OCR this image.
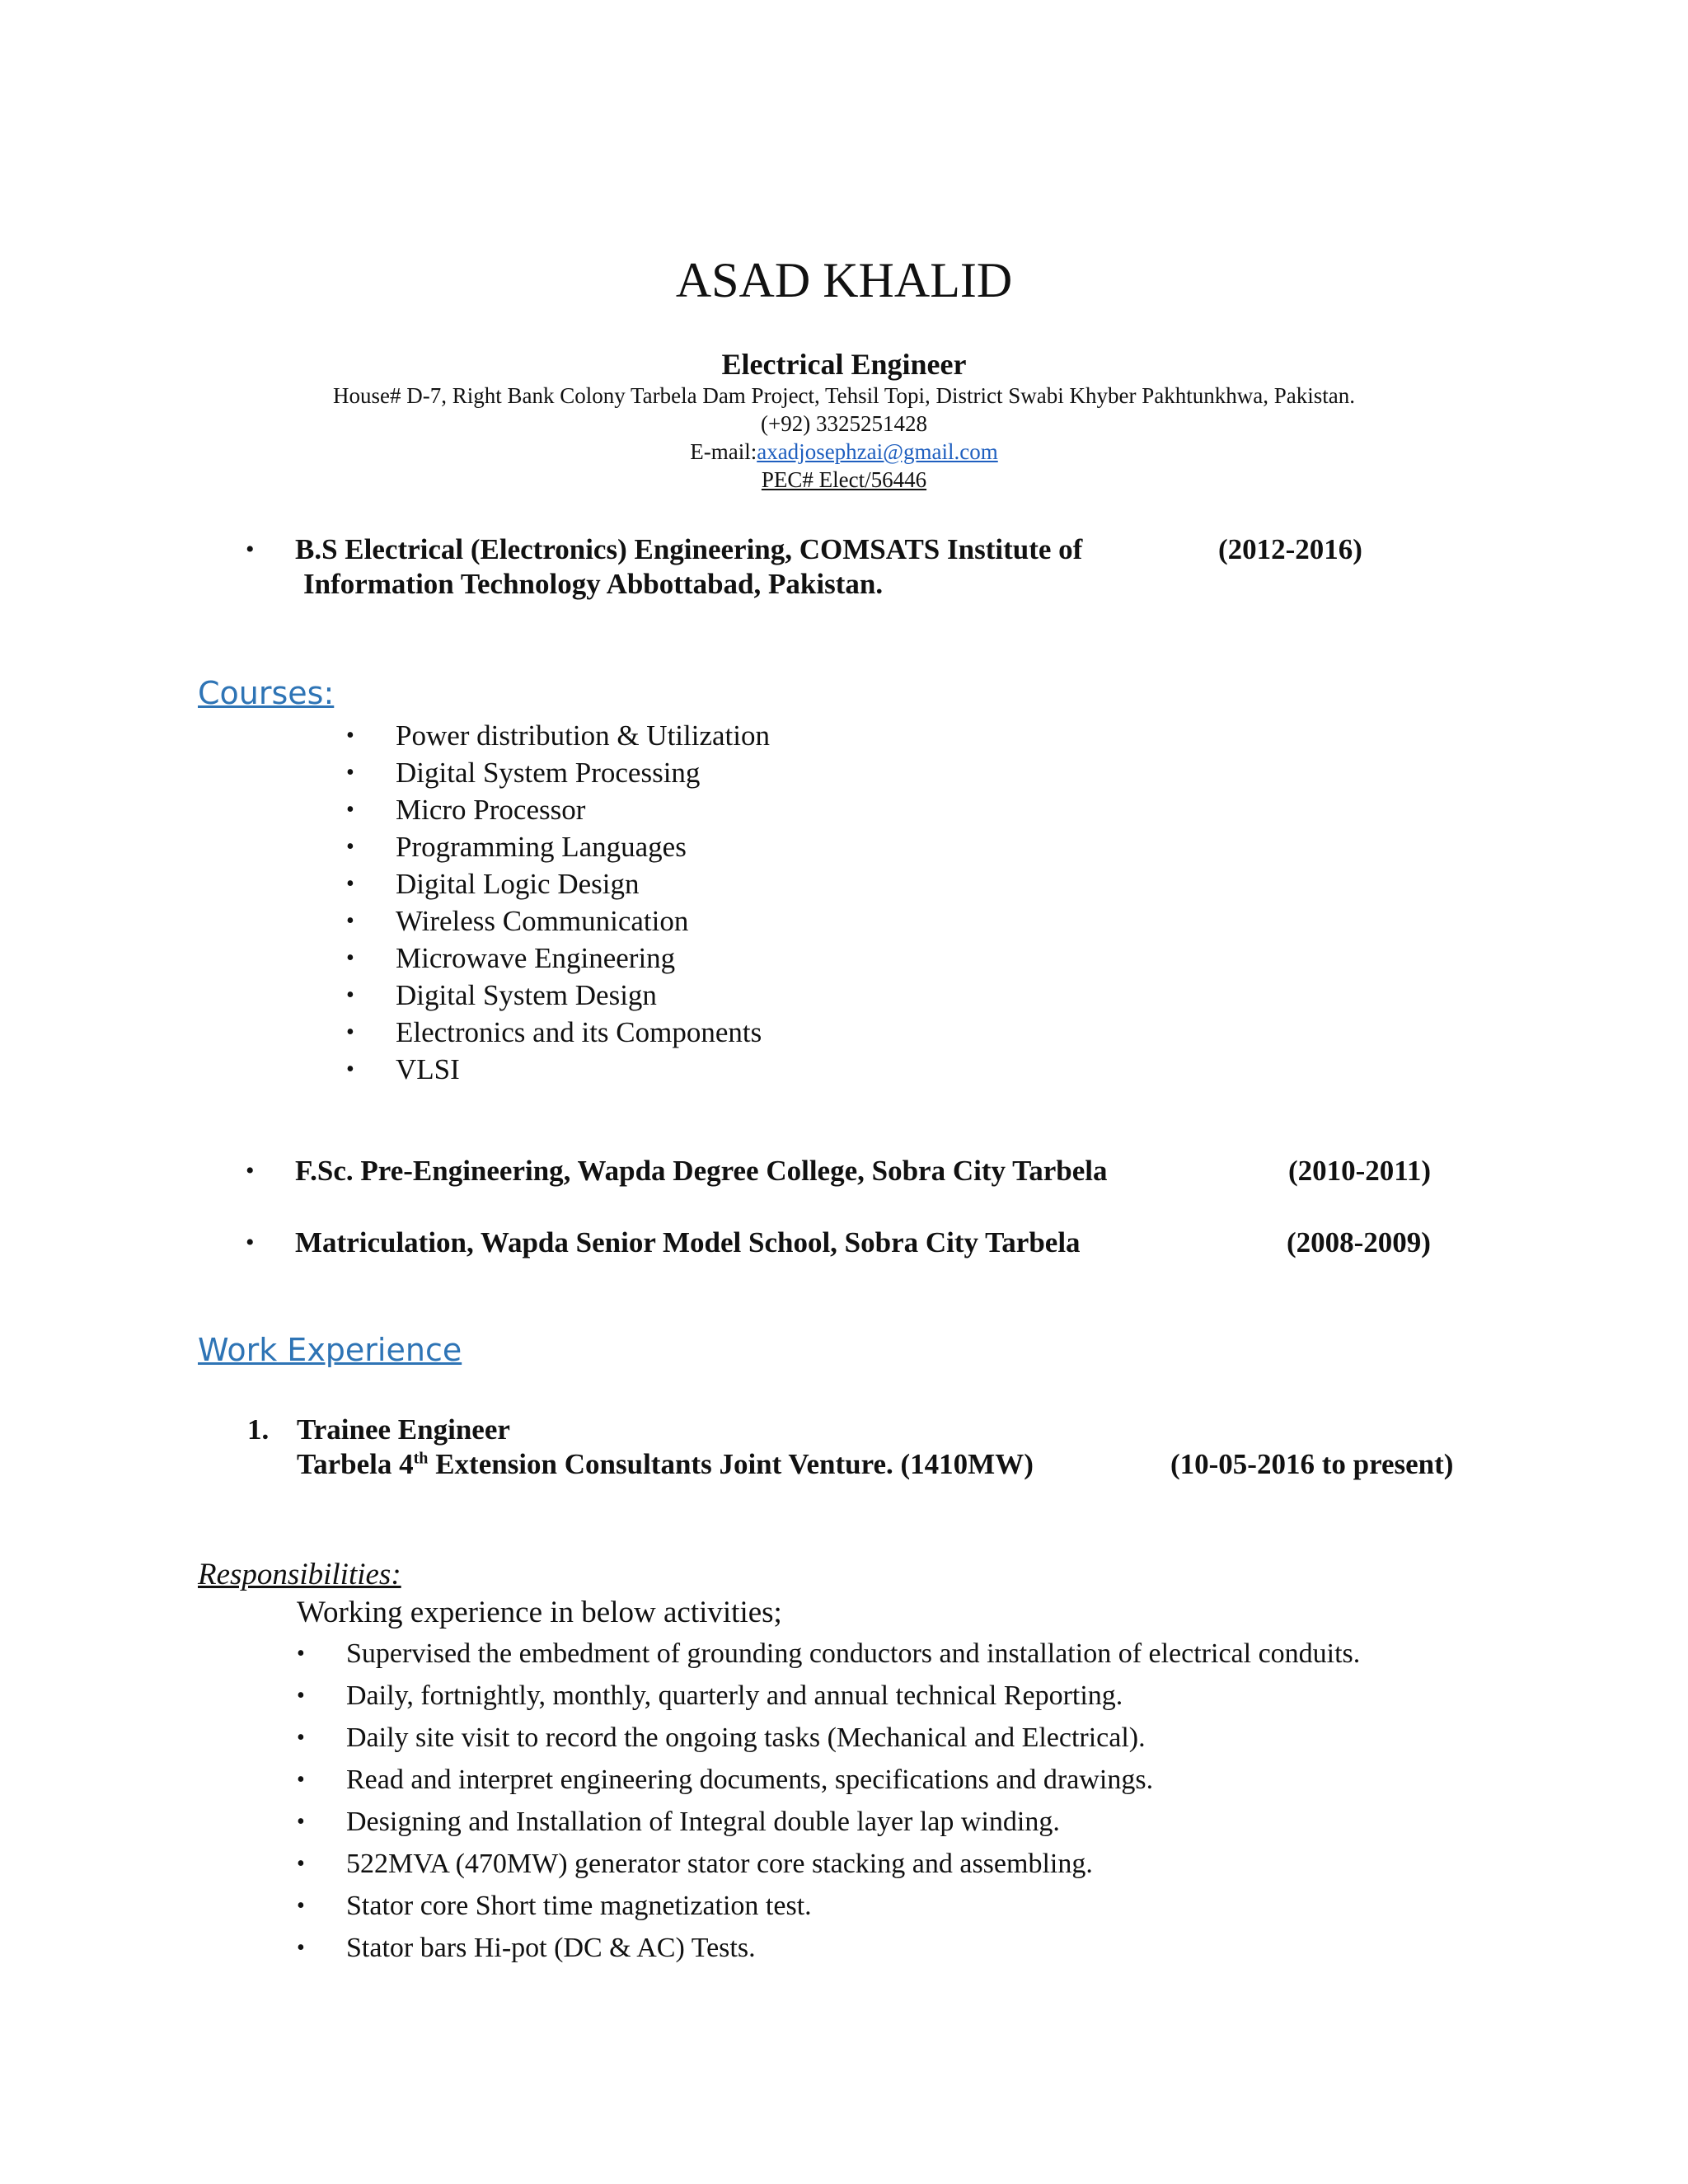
ASAD KHALID
Electrical Engineer
House# D-7, Right Bank Colony Tarbela Dam Project, Tehsil Topi, District Swabi Khyber Pakhtunkhwa, Pakistan.
(+92) 3325251428
E-mail:axadjosephzai@gmail.com
PEC# Elect/56446
• B.S Electrical (Electronics) Engineering, COMSATS Institute of
Information Technology Abbottabad, Pakistan.
(2012-2016)
Courses:
• Power distribution & Utilization
• Digital System Processing
• Micro Processor
• Programming Languages
• Digital Logic Design
• Wireless Communication
• Microwave Engineering
• Digital System Design
• Electronics and its Components
• VLSI
• F.Sc. Pre-Engineering, Wapda Degree College, Sobra City Tarbela	(2010-2011)
• Matriculation, Wapda Senior Model School, Sobra City Tarbela	(2008-2009)
Work Experience
1. Trainee Engineer
Tarbela 4th Extension Consultants Joint Venture. (1410MW)	(10-05-2016 to present)
Responsibilities:
Working experience in below activities;
• Supervised the embedment of grounding conductors and installation of electrical conduits.
• Daily, fortnightly, monthly, quarterly and annual technical Reporting.
• Daily site visit to record the ongoing tasks (Mechanical and Electrical).
• Read and interpret engineering documents, specifications and drawings.
• Designing and Installation of Integral double layer lap winding.
• 522MVA (470MW) generator stator core stacking and assembling.
• Stator core Short time magnetization test.
• Stator bars Hi-pot (DC & AC) Tests.
